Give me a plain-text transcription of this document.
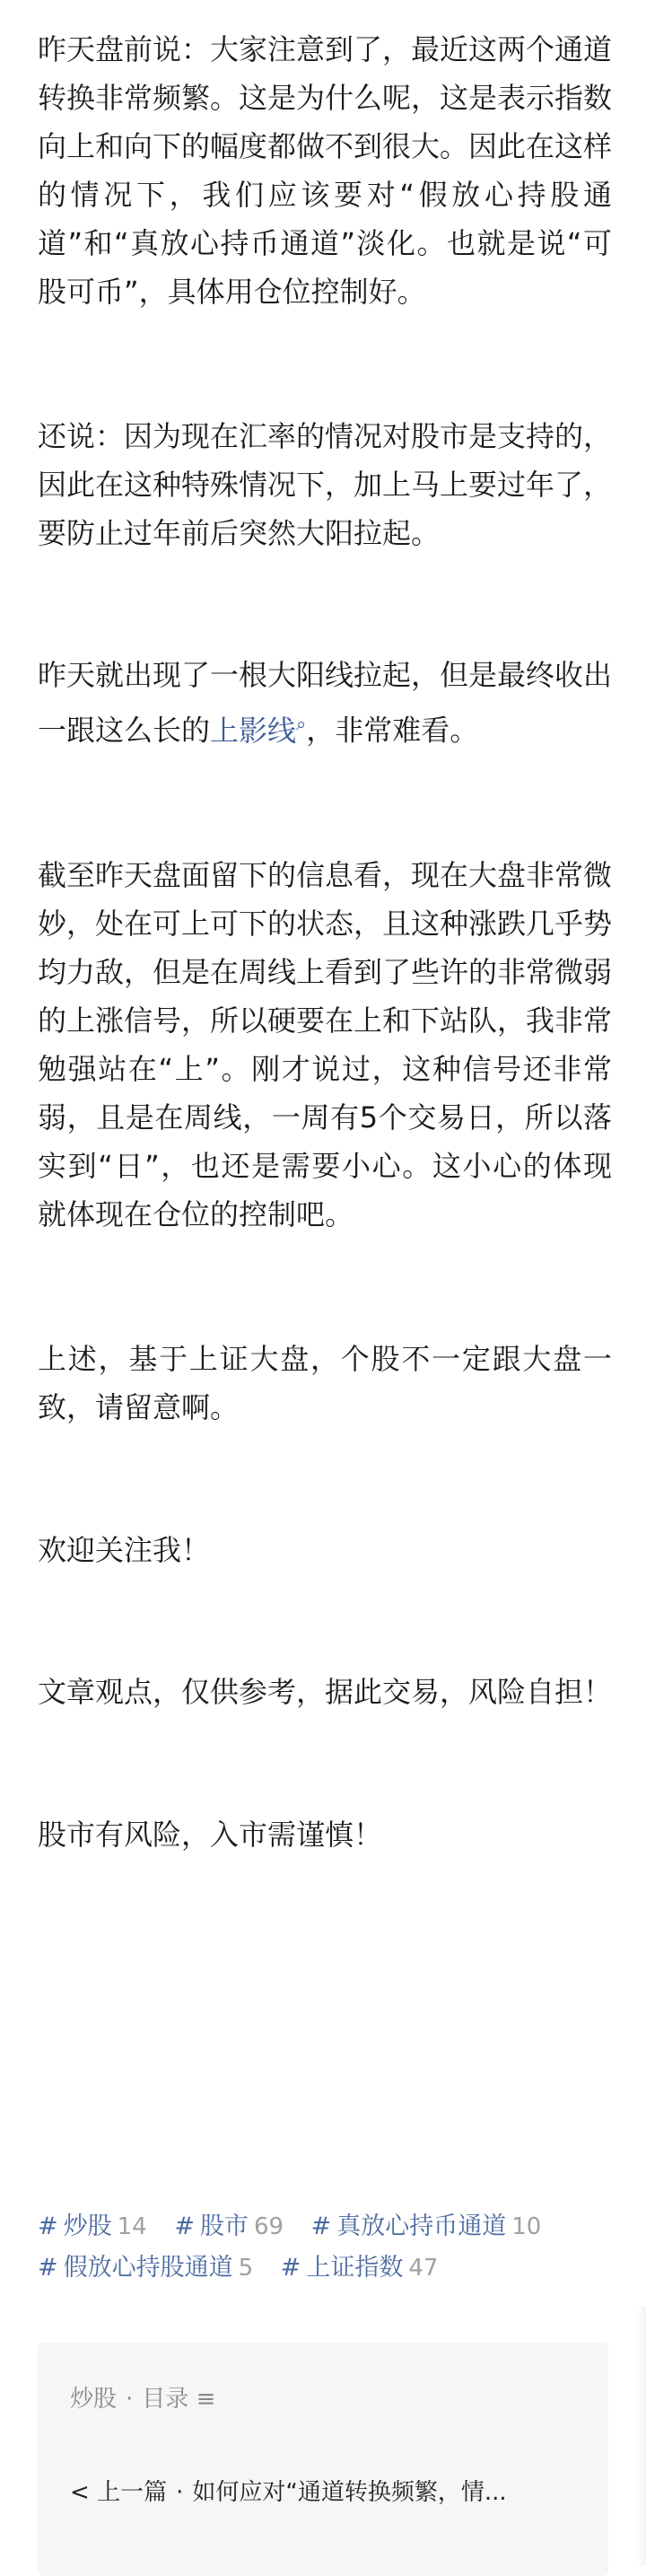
昨天盘前说：大家注意到了，最近这两个通道转换非常频繁。这是为什么呢，这是表示指数向上和向下的幅度都做不到很大。因此在这样的情况下，我们应该要对“假放心持股通道”和“真放心持币通道”淡化。也就是说“可股可币”，具体用仓位控制好。

还说：因为现在汇率的情况对股市是支持的，因此在这种特殊情况下，加上马上要过年了，要防止过年前后突然大阳拉起。

昨天就出现了一根大阳线拉起，但是最终收出一跟这么长的上影线⌕，非常难看。

截至昨天盘面留下的信息看，现在大盘非常微妙，处在可上可下的状态，且这种涨跌几乎势均力敌，但是在周线上看到了些许的非常微弱的上涨信号，所以硬要在上和下站队，我非常勉强站在“上”。刚才说过，这种信号还非常弱，且是在周线，一周有5个交易日，所以落实到“日”，也还是需要小心。这小心的体现就体现在仓位的控制吧。

上述，基于上证大盘，个股不一定跟大盘一致，请留意啊。

欢迎关注我！

文章观点，仅供参考，据此交易，风险自担！

股市有风险，入市需谨慎！

# 炒股 14 # 股市 69 # 真放心持币通道 10 # 假放心持股通道 5 # 上证指数 47
炒股 · 目录 ≡
< 上一篇 · 如何应对“通道转换频繁，情...
